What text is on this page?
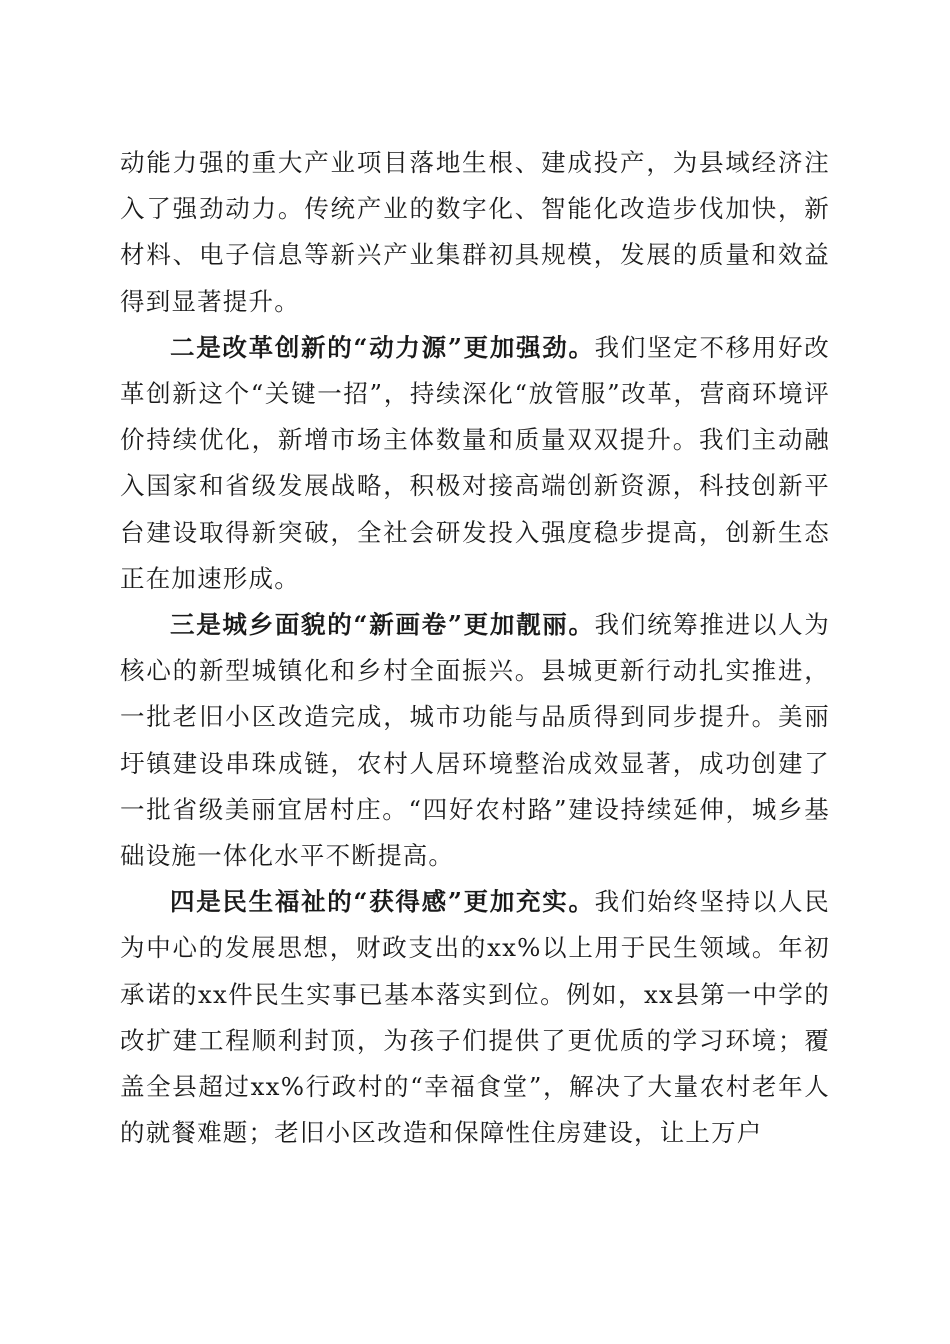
动能力强的重大产业项目落地生根、建成投产，为县域经济注入了强劲动力。传统产业的数字化、智能化改造步伐加快，新材料、电子信息等新兴产业集群初具规模，发展的质量和效益得到显著提升。

二是改革创新的“动力源”更加强劲。我们坚定不移用好改革创新这个“关键一招”，持续深化“放管服”改革，营商环境评价持续优化，新增市场主体数量和质量双双提升。我们主动融入国家和省级发展战略，积极对接高端创新资源，科技创新平台建设取得新突破，全社会研发投入强度稳步提高，创新生态正在加速形成。

三是城乡面貌的“新画卷”更加靓丽。我们统筹推进以人为核心的新型城镇化和乡村全面振兴。县城更新行动扎实推进，一批老旧小区改造完成，城市功能与品质得到同步提升。美丽圩镇建设串珠成链，农村人居环境整治成效显著，成功创建了一批省级美丽宜居村庄。“四好农村路”建设持续延伸，城乡基础设施一体化水平不断提高。

四是民生福祉的“获得感”更加充实。我们始终坚持以人民为中心的发展思想，财政支出的xx%以上用于民生领域。年初承诺的xx件民生实事已基本落实到位。例如，xx县第一中学的改扩建工程顺利封顶，为孩子们提供了更优质的学习环境；覆盖全县超过xx%行政村的“幸福食堂”，解决了大量农村老年人的就餐难题；老旧小区改造和保障性住房建设，让上万户
